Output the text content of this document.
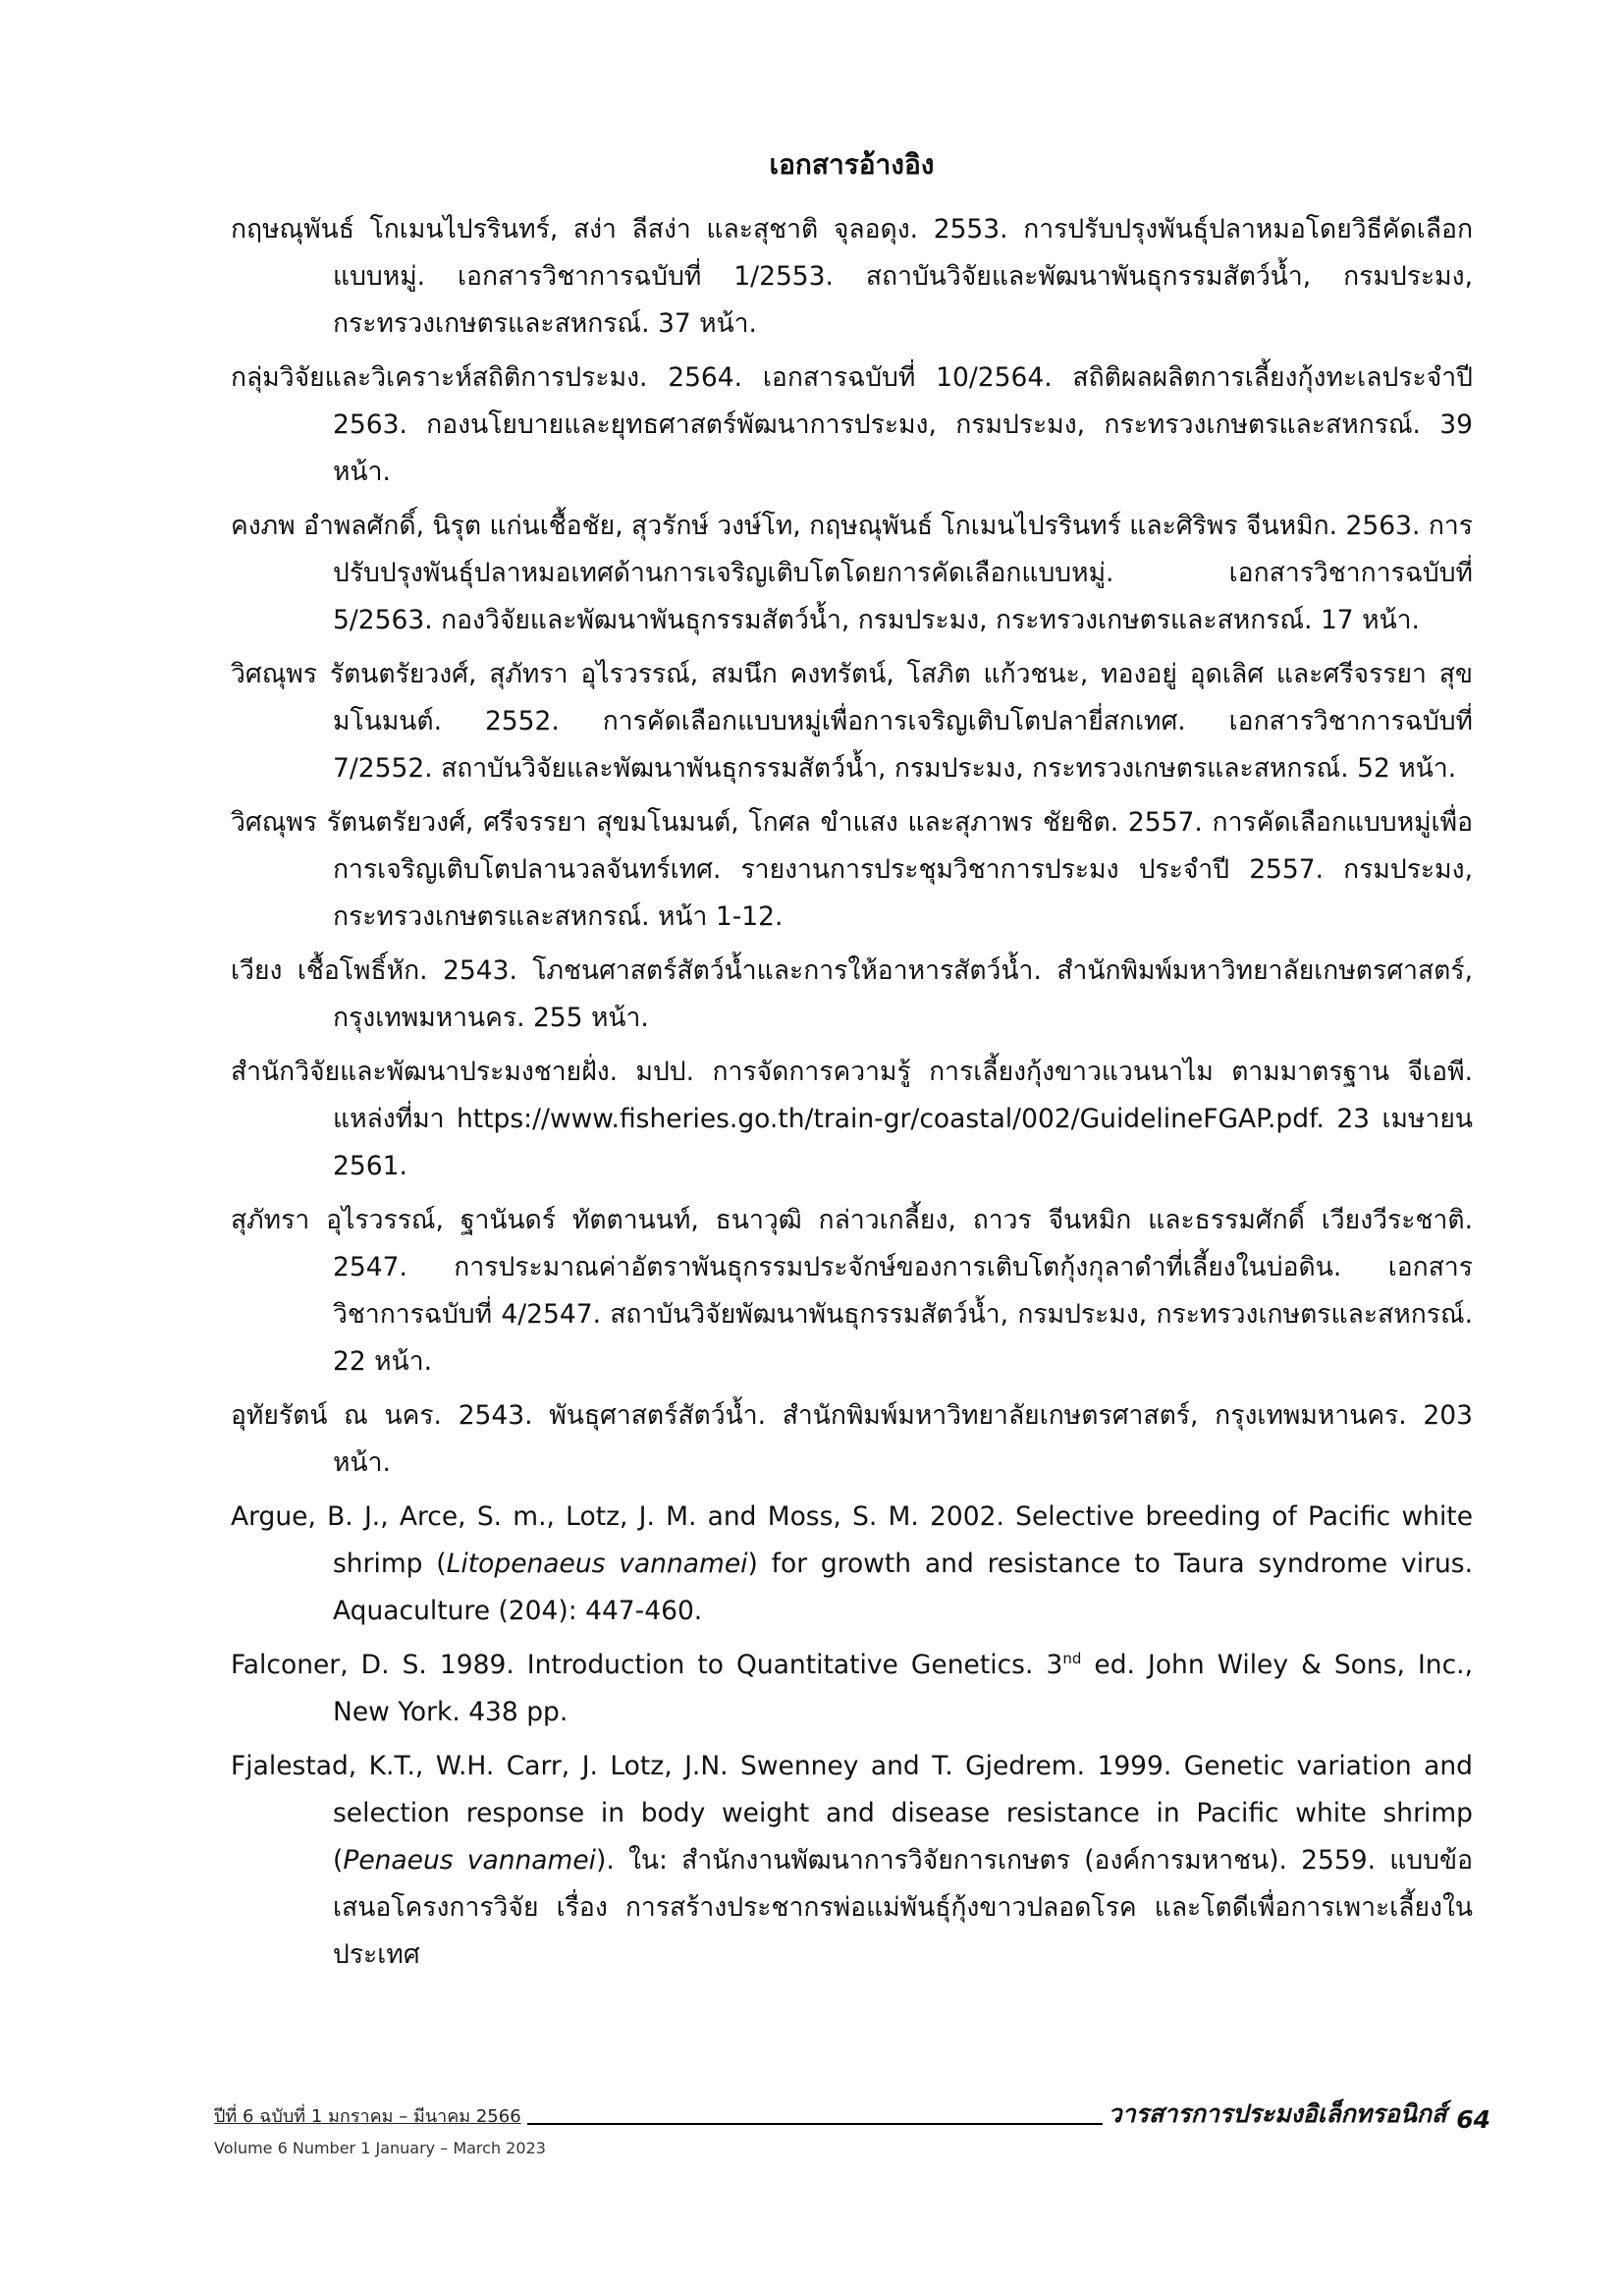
เอกสารอ้างอิง

กฤษณุพันธ์ โกเมนไปรรินทร์, สง่า ลีสง่า และสุชาติ จุลอดุง. 2553. การปรับปรุงพันธุ์ปลาหมอโดยวิธีคัดเลือกแบบหมู่. เอกสารวิชาการฉบับที่ 1/2553. สถาบันวิจัยและพัฒนาพันธุกรรมสัตว์น้ำ, กรมประมง, กระทรวงเกษตรและสหกรณ์. 37 หน้า.

กลุ่มวิจัยและวิเคราะห์สถิติการประมง. 2564. เอกสารฉบับที่ 10/2564. สถิติผลผลิตการเลี้ยงกุ้งทะเลประจำปี 2563. กองนโยบายและยุทธศาสตร์พัฒนาการประมง, กรมประมง, กระทรวงเกษตรและสหกรณ์. 39 หน้า.

คงภพ อำพลศักดิ์, นิรุต แก่นเชื้อชัย, สุวรักษ์ วงษ์โท, กฤษณุพันธ์ โกเมนไปรรินทร์ และศิริพร จีนหมิก. 2563. การปรับปรุงพันธุ์ปลาหมอเทศด้านการเจริญเติบโตโดยการคัดเลือกแบบหมู่. เอกสารวิชาการฉบับที่ 5/2563. กองวิจัยและพัฒนาพันธุกรรมสัตว์น้ำ, กรมประมง, กระทรวงเกษตรและสหกรณ์. 17 หน้า.

วิศณุพร รัตนตรัยวงศ์, สุภัทรา อุไรวรรณ์, สมนึก คงทรัตน์, โสภิต แก้วชนะ, ทองอยู่ อุดเลิศ และศรีจรรยา สุขมโนมนต์. 2552. การคัดเลือกแบบหมู่เพื่อการเจริญเติบโตปลายี่สกเทศ. เอกสารวิชาการฉบับที่ 7/2552. สถาบันวิจัยและพัฒนาพันธุกรรมสัตว์น้ำ, กรมประมง, กระทรวงเกษตรและสหกรณ์. 52 หน้า.

วิศณุพร รัตนตรัยวงศ์, ศรีจรรยา สุขมโนมนต์, โกศล ขำแสง และสุภาพร ชัยชิต. 2557. การคัดเลือกแบบหมู่เพื่อการเจริญเติบโตปลานวลจันทร์เทศ. รายงานการประชุมวิชาการประมง ประจำปี 2557. กรมประมง, กระทรวงเกษตรและสหกรณ์. หน้า 1-12.

เวียง เชื้อโพธิ์หัก. 2543. โภชนศาสตร์สัตว์น้ำและการให้อาหารสัตว์น้ำ. สำนักพิมพ์มหาวิทยาลัยเกษตรศาสตร์, กรุงเทพมหานคร. 255 หน้า.

สำนักวิจัยและพัฒนาประมงชายฝั่ง. มปป. การจัดการความรู้ การเลี้ยงกุ้งขาวแวนนาไม ตามมาตรฐาน จีเอพี. แหล่งที่มา https://www.fisheries.go.th/train-gr/coastal/002/GuidelineFGAP.pdf. 23 เมษายน 2561.

สุภัทรา อุไรวรรณ์, ฐานันดร์ ทัตตานนท์, ธนาวุฒิ กล่าวเกลี้ยง, ถาวร จีนหมิก และธรรมศักดิ์ เวียงวีระชาติ. 2547. การประมาณค่าอัตราพันธุกรรมประจักษ์ของการเติบโตกุ้งกุลาดำที่เลี้ยงในบ่อดิน. เอกสารวิชาการฉบับที่ 4/2547. สถาบันวิจัยพัฒนาพันธุกรรมสัตว์น้ำ, กรมประมง, กระทรวงเกษตรและสหกรณ์. 22 หน้า.

อุทัยรัตน์ ณ นคร. 2543. พันธุศาสตร์สัตว์น้ำ. สำนักพิมพ์มหาวิทยาลัยเกษตรศาสตร์, กรุงเทพมหานคร. 203 หน้า.

Argue, B. J., Arce, S. m., Lotz, J. M. and Moss, S. M. 2002. Selective breeding of Pacific white shrimp (Litopenaeus vannamei) for growth and resistance to Taura syndrome virus. Aquaculture (204): 447-460.

Falconer, D. S. 1989. Introduction to Quantitative Genetics. 3nd ed. John Wiley & Sons, Inc., New York. 438 pp.

Fjalestad, K.T., W.H. Carr, J. Lotz, J.N. Swenney and T. Gjedrem. 1999. Genetic variation and selection response in body weight and disease resistance in Pacific white shrimp (Penaeus vannamei). ใน: สำนักงานพัฒนาการวิจัยการเกษตร (องค์การมหาชน). 2559. แบบข้อเสนอโครงการวิจัย เรื่อง การสร้างประชากรพ่อแม่พันธุ์กุ้งขาวปลอดโรค และโตดีเพื่อการเพาะเลี้ยงในประเทศ

ปีที่ 6 ฉบับที่ 1 มกราคม – มีนาคม 2566	วารสารการประมงอิเล็กทรอนิกส์ 64
Volume 6 Number 1 January – March 2023
